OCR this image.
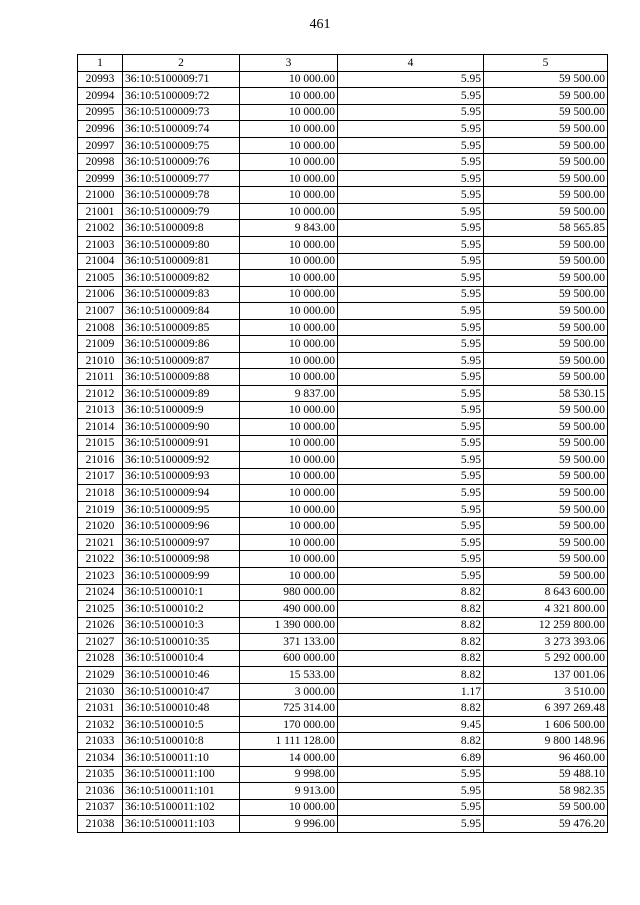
461
1	2	3	4	5
20993	36:10:5100009:71	10 000.00	5.95	59 500.00
20994	36:10:5100009:72	10 000.00	5.95	59 500.00
20995	36:10:5100009:73	10 000.00	5.95	59 500.00
20996	36:10:5100009:74	10 000.00	5.95	59 500.00
20997	36:10:5100009:75	10 000.00	5.95	59 500.00
20998	36:10:5100009:76	10 000.00	5.95	59 500.00
20999	36:10:5100009:77	10 000.00	5.95	59 500.00
21000	36:10:5100009:78	10 000.00	5.95	59 500.00
21001	36:10:5100009:79	10 000.00	5.95	59 500.00
21002	36:10:5100009:8	9 843.00	5.95	58 565.85
21003	36:10:5100009:80	10 000.00	5.95	59 500.00
21004	36:10:5100009:81	10 000.00	5.95	59 500.00
21005	36:10:5100009:82	10 000.00	5.95	59 500.00
21006	36:10:5100009:83	10 000.00	5.95	59 500.00
21007	36:10:5100009:84	10 000.00	5.95	59 500.00
21008	36:10:5100009:85	10 000.00	5.95	59 500.00
21009	36:10:5100009:86	10 000.00	5.95	59 500.00
21010	36:10:5100009:87	10 000.00	5.95	59 500.00
21011	36:10:5100009:88	10 000.00	5.95	59 500.00
21012	36:10:5100009:89	9 837.00	5.95	58 530.15
21013	36:10:5100009:9	10 000.00	5.95	59 500.00
21014	36:10:5100009:90	10 000.00	5.95	59 500.00
21015	36:10:5100009:91	10 000.00	5.95	59 500.00
21016	36:10:5100009:92	10 000.00	5.95	59 500.00
21017	36:10:5100009:93	10 000.00	5.95	59 500.00
21018	36:10:5100009:94	10 000.00	5.95	59 500.00
21019	36:10:5100009:95	10 000.00	5.95	59 500.00
21020	36:10:5100009:96	10 000.00	5.95	59 500.00
21021	36:10:5100009:97	10 000.00	5.95	59 500.00
21022	36:10:5100009:98	10 000.00	5.95	59 500.00
21023	36:10:5100009:99	10 000.00	5.95	59 500.00
21024	36:10:5100010:1	980 000.00	8.82	8 643 600.00
21025	36:10:5100010:2	490 000.00	8.82	4 321 800.00
21026	36:10:5100010:3	1 390 000.00	8.82	12 259 800.00
21027	36:10:5100010:35	371 133.00	8.82	3 273 393.06
21028	36:10:5100010:4	600 000.00	8.82	5 292 000.00
21029	36:10:5100010:46	15 533.00	8.82	137 001.06
21030	36:10:5100010:47	3 000.00	1.17	3 510.00
21031	36:10:5100010:48	725 314.00	8.82	6 397 269.48
21032	36:10:5100010:5	170 000.00	9.45	1 606 500.00
21033	36:10:5100010:8	1 111 128.00	8.82	9 800 148.96
21034	36:10:5100011:10	14 000.00	6.89	96 460.00
21035	36:10:5100011:100	9 998.00	5.95	59 488.10
21036	36:10:5100011:101	9 913.00	5.95	58 982.35
21037	36:10:5100011:102	10 000.00	5.95	59 500.00
21038	36:10:5100011:103	9 996.00	5.95	59 476.20
